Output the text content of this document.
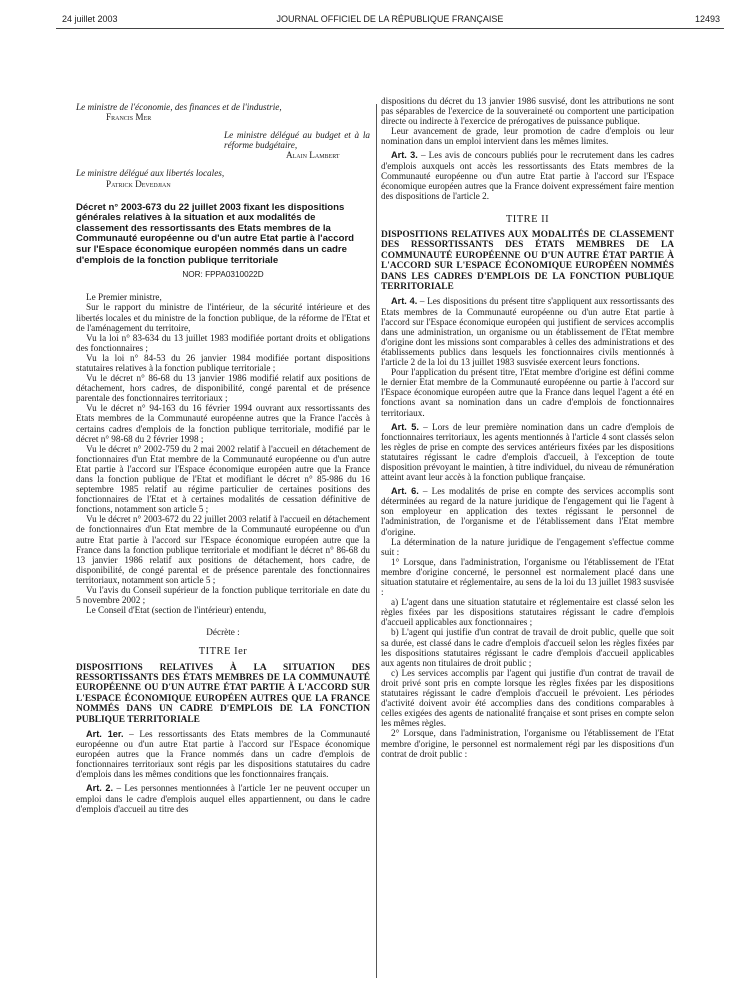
24 juillet 2003	JOURNAL OFFICIEL DE LA RÉPUBLIQUE FRANÇAISE	12493

Le ministre de l'économie, des finances et de l'industrie,

Francis Mer

Le ministre délégué au budget et à la réforme budgétaire,

Alain Lambert

Le ministre délégué aux libertés locales,

Patrick Devedjian

Décret n° 2003-673 du 22 juillet 2003 fixant les dispositions générales relatives à la situation et aux modalités de classement des ressortissants des Etats membres de la Communauté européenne ou d'un autre Etat partie à l'accord sur l'Espace économique européen nommés dans un cadre d'emplois de la fonction publique territoriale

NOR: FPPA0310022D

Le Premier ministre,

Sur le rapport du ministre de l'intérieur, de la sécurité intérieure et des libertés locales et du ministre de la fonction publique, de la réforme de l'Etat et de l'aménagement du territoire,

Vu la loi n° 83-634 du 13 juillet 1983 modifiée portant droits et obligations des fonctionnaires ;

Vu la loi n° 84-53 du 26 janvier 1984 modifiée portant dispositions statutaires relatives à la fonction publique territoriale ;

Vu le décret n° 86-68 du 13 janvier 1986 modifié relatif aux positions de détachement, hors cadres, de disponibilité, congé parental et de présence parentale des fonctionnaires territoriaux ;

Vu le décret n° 94-163 du 16 février 1994 ouvrant aux ressortissants des Etats membres de la Communauté européenne autres que la France l'accès à certains cadres d'emplois de la fonction publique territoriale, modifié par le décret n° 98-68 du 2 février 1998 ;

Vu le décret n° 2002-759 du 2 mai 2002 relatif à l'accueil en détachement de fonctionnaires d'un Etat membre de la Communauté européenne ou d'un autre Etat partie à l'accord sur l'Espace économique européen autre que la France dans la fonction publique de l'Etat et modifiant le décret n° 85-986 du 16 septembre 1985 relatif au régime particulier de certaines positions des fonctionnaires de l'Etat et à certaines modalités de cessation définitive de fonctions, notamment son article 5 ;

Vu le décret n° 2003-672 du 22 juillet 2003 relatif à l'accueil en détachement de fonctionnaires d'un Etat membre de la Communauté européenne ou d'un autre Etat partie à l'accord sur l'Espace économique européen autre que la France dans la fonction publique territoriale et modifiant le décret n° 86-68 du 13 janvier 1986 relatif aux positions de détachement, hors cadre, de disponibilité, de congé parental et de présence parentale des fonctionnaires territoriaux, notamment son article 5 ;

Vu l'avis du Conseil supérieur de la fonction publique territoriale en date du 5 novembre 2002 ;

Le Conseil d'Etat (section de l'intérieur) entendu,

Décrète :

TITRE Ier

DISPOSITIONS RELATIVES À LA SITUATION DES RESSORTISSANTS DES ÉTATS MEMBRES DE LA COMMUNAUTÉ EUROPÉENNE OU D'UN AUTRE ÉTAT PARTIE À L'ACCORD SUR L'ESPACE ÉCONOMIQUE EUROPÉEN AUTRES QUE LA FRANCE NOMMÉS DANS UN CADRE D'EMPLOIS DE LA FONCTION PUBLIQUE TERRITORIALE

Art. 1er. – Les ressortissants des Etats membres de la Communauté européenne ou d'un autre Etat partie à l'accord sur l'Espace économique européen autres que la France nommés dans un cadre d'emplois de fonctionnaires territoriaux sont régis par les dispositions statutaires du cadre d'emplois dans les mêmes conditions que les fonctionnaires français.

Art. 2. – Les personnes mentionnées à l'article 1er ne peuvent occuper un emploi dans le cadre d'emplois auquel elles appartiennent, ou dans le cadre d'emplois d'accueil au titre des

dispositions du décret du 13 janvier 1986 susvisé, dont les attributions ne sont pas séparables de l'exercice de la souveraineté ou comportent une participation directe ou indirecte à l'exercice de prérogatives de puissance publique.

Leur avancement de grade, leur promotion de cadre d'emplois ou leur nomination dans un emploi intervient dans les mêmes limites.

Art. 3. – Les avis de concours publiés pour le recrutement dans les cadres d'emplois auxquels ont accès les ressortissants des Etats membres de la Communauté européenne ou d'un autre Etat partie à l'accord sur l'Espace économique européen autres que la France doivent expressément faire mention des dispositions de l'article 2.

TITRE II

DISPOSITIONS RELATIVES AUX MODALITÉS DE CLASSEMENT DES RESSORTISSANTS DES ÉTATS MEMBRES DE LA COMMUNAUTÉ EUROPÉENNE OU D'UN AUTRE ÉTAT PARTIE À L'ACCORD SUR L'ESPACE ÉCONOMIQUE EUROPÉEN NOMMÉS DANS LES CADRES D'EMPLOIS DE LA FONCTION PUBLIQUE TERRITORIALE

Art. 4. – Les dispositions du présent titre s'appliquent aux ressortissants des Etats membres de la Communauté européenne ou d'un autre Etat partie à l'accord sur l'Espace économique européen qui justifient de services accomplis dans une administration, un organisme ou un établissement de l'Etat membre d'origine dont les missions sont comparables à celles des administrations et des établissements publics dans lesquels les fonctionnaires civils mentionnés à l'article 2 de la loi du 13 juillet 1983 susvisée exercent leurs fonctions.

Pour l'application du présent titre, l'Etat membre d'origine est défini comme le dernier Etat membre de la Communauté européenne ou partie à l'accord sur l'Espace économique européen autre que la France dans lequel l'agent a été en fonctions avant sa nomination dans un cadre d'emplois de fonctionnaires territoriaux.

Art. 5. – Lors de leur première nomination dans un cadre d'emplois de fonctionnaires territoriaux, les agents mentionnés à l'article 4 sont classés selon les règles de prise en compte des services antérieurs fixées par les dispositions statutaires régissant le cadre d'emplois d'accueil, à l'exception de toute disposition prévoyant le maintien, à titre individuel, du niveau de rémunération atteint avant leur accès à la fonction publique française.

Art. 6. – Les modalités de prise en compte des services accomplis sont déterminées au regard de la nature juridique de l'engagement qui lie l'agent à son employeur en application des textes régissant le personnel de l'administration, de l'organisme et de l'établissement dans l'Etat membre d'origine.

La détermination de la nature juridique de l'engagement s'effectue comme suit :

1° Lorsque, dans l'administration, l'organisme ou l'établissement de l'Etat membre d'origine concerné, le personnel est normalement placé dans une situation statutaire et réglementaire, au sens de la loi du 13 juillet 1983 susvisée :

a) L'agent dans une situation statutaire et réglementaire est classé selon les règles fixées par les dispositions statutaires régissant le cadre d'emplois d'accueil applicables aux fonctionnaires ;

b) L'agent qui justifie d'un contrat de travail de droit public, quelle que soit sa durée, est classé dans le cadre d'emplois d'accueil selon les règles fixées par les dispositions statutaires régissant le cadre d'emplois d'accueil applicables aux agents non titulaires de droit public ;

c) Les services accomplis par l'agent qui justifie d'un contrat de travail de droit privé sont pris en compte lorsque les règles fixées par les dispositions statutaires régissant le cadre d'emplois d'accueil le prévoient. Les périodes d'activité doivent avoir été accomplies dans des conditions comparables à celles exigées des agents de nationalité française et sont prises en compte selon les mêmes règles.

2° Lorsque, dans l'administration, l'organisme ou l'établissement de l'Etat membre d'origine, le personnel est normalement régi par les dispositions d'un contrat de droit public :
